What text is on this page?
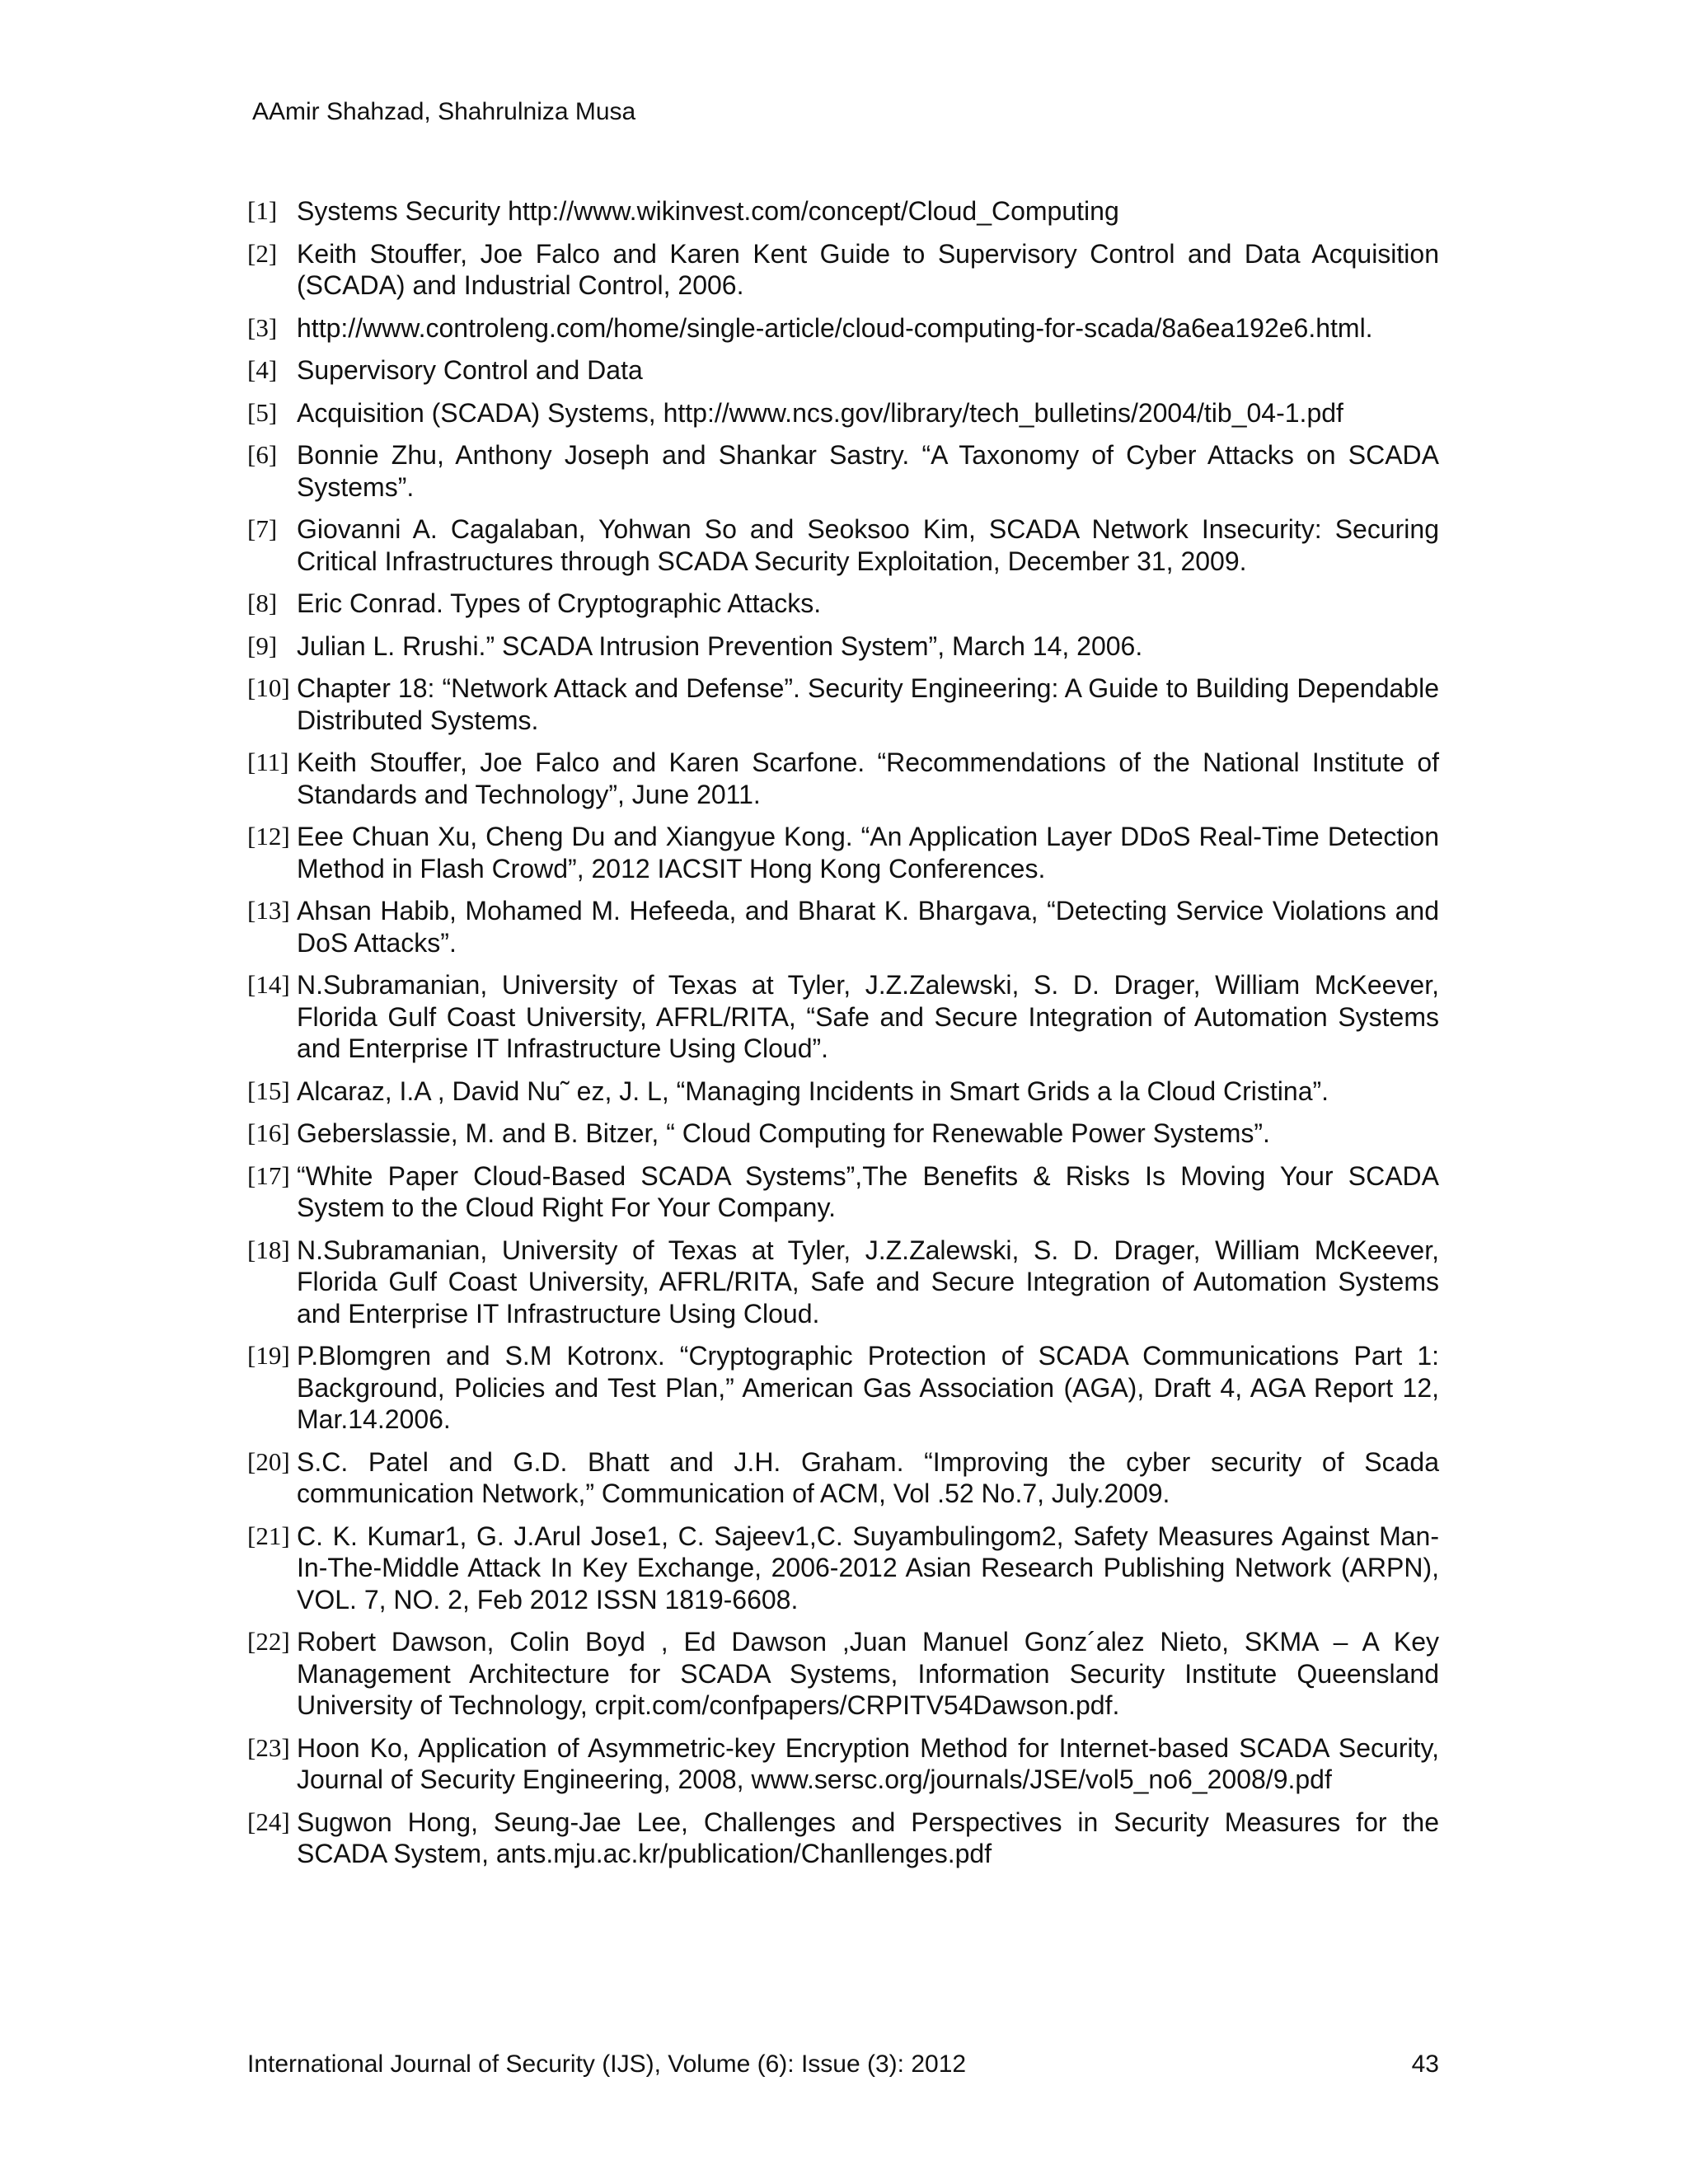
AAmir Shahzad, Shahrulniza Musa
[1] Systems Security http://www.wikinvest.com/concept/Cloud_Computing
[2] Keith Stouffer, Joe Falco and Karen Kent Guide to Supervisory Control and Data Acquisition (SCADA) and Industrial Control, 2006.
[3] http://www.controleng.com/home/single-article/cloud-computing-for-scada/8a6ea192e6.html.
[4] Supervisory Control and Data
[5] Acquisition (SCADA) Systems, http://www.ncs.gov/library/tech_bulletins/2004/tib_04-1.pdf
[6] Bonnie Zhu, Anthony Joseph and Shankar Sastry. “A Taxonomy of Cyber Attacks on SCADA Systems”.
[7] Giovanni A. Cagalaban, Yohwan So and Seoksoo Kim, SCADA Network Insecurity: Securing Critical Infrastructures through SCADA Security Exploitation, December 31, 2009.
[8] Eric Conrad. Types of Cryptographic Attacks.
[9] Julian L. Rrushi.” SCADA Intrusion Prevention System”, March 14, 2006.
[10] Chapter 18: “Network Attack and Defense”. Security Engineering: A Guide to Building Dependable Distributed Systems.
[11] Keith Stouffer, Joe Falco and Karen Scarfone. “Recommendations of the National Institute of Standards and Technology”, June 2011.
[12] Eee Chuan Xu, Cheng Du and Xiangyue Kong. “An Application Layer DDoS Real-Time Detection Method in Flash Crowd”, 2012 IACSIT Hong Kong Conferences.
[13] Ahsan Habib, Mohamed M. Hefeeda, and Bharat K. Bhargava, “Detecting Service Violations and DoS Attacks”.
[14] N.Subramanian, University of Texas at Tyler, J.Z.Zalewski, S. D. Drager, William McKeever, Florida Gulf Coast University, AFRL/RITA, “Safe and Secure Integration of Automation Systems and Enterprise IT Infrastructure Using Cloud”.
[15] Alcaraz, I.A , David Nu˜ ez, J. L, “Managing Incidents in Smart Grids a la Cloud Cristina”.
[16] Geberslassie, M. and B. Bitzer, “ Cloud Computing for Renewable Power Systems”.
[17] “White Paper Cloud-Based SCADA Systems”,The Benefits & Risks Is Moving Your SCADA System to the Cloud Right For Your Company.
[18] N.Subramanian, University of Texas at Tyler, J.Z.Zalewski, S. D. Drager, William McKeever, Florida Gulf Coast University, AFRL/RITA, Safe and Secure Integration of Automation Systems and Enterprise IT Infrastructure Using Cloud.
[19] P.Blomgren and S.M Kotronx. “Cryptographic Protection of SCADA Communications Part 1: Background, Policies and Test Plan,” American Gas Association (AGA), Draft 4, AGA Report 12, Mar.14.2006.
[20] S.C. Patel and G.D. Bhatt and J.H. Graham. “Improving the cyber security of Scada communication Network,” Communication of ACM, Vol .52 No.7, July.2009.
[21] C. K. Kumar1, G. J.Arul Jose1, C. Sajeev1,C. Suyambulingom2, Safety Measures Against Man-In-The-Middle Attack In Key Exchange, 2006-2012 Asian Research Publishing Network (ARPN), VOL. 7, NO. 2, Feb 2012 ISSN 1819-6608.
[22] Robert Dawson, Colin Boyd , Ed Dawson ,Juan Manuel Gonz´alez Nieto, SKMA – A Key Management Architecture for SCADA Systems, Information Security Institute Queensland University of Technology, crpit.com/confpapers/CRPITV54Dawson.pdf.
[23] Hoon Ko, Application of Asymmetric-key Encryption Method for Internet-based SCADA Security, Journal of Security Engineering, 2008, www.sersc.org/journals/JSE/vol5_no6_2008/9.pdf
[24] Sugwon Hong, Seung-Jae Lee, Challenges and Perspectives in Security Measures for the SCADA System, ants.mju.ac.kr/publication/Chanllenges.pdf
International Journal of Security (IJS), Volume (6): Issue (3): 2012	43
